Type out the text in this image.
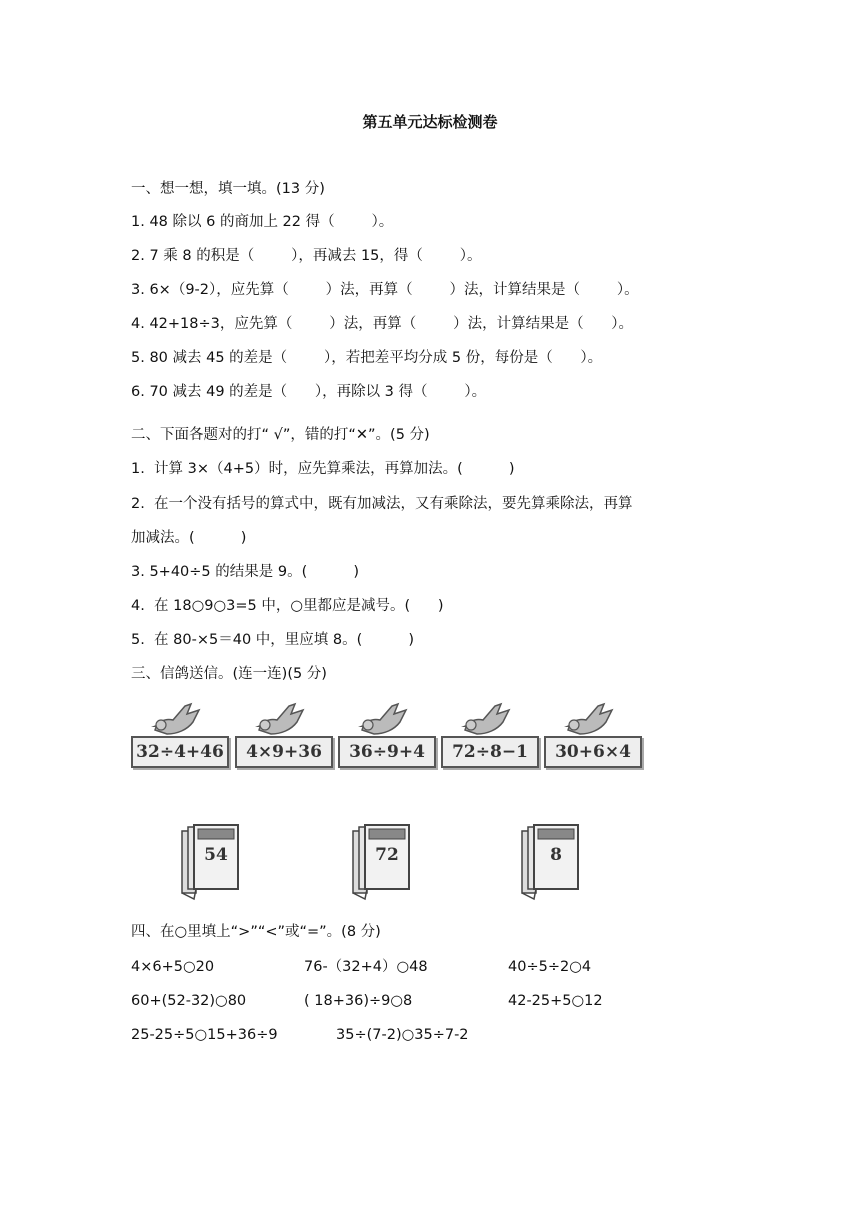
第五单元达标检测卷
一、想一想，填一填。(13 分)
1. 48 除以 6 的商加上 22 得（        ）。
2. 7 乘 8 的积是（        ），再减去 15，得（        ）。
3. 6×（9-2），应先算（        ）法，再算（        ）法，计算结果是（        ）。
4. 42+18÷3，应先算（        ）法，再算（        ）法，计算结果是（      ）。
5. 80 减去 45 的差是（        ），若把差平均分成 5 份，每份是（      ）。
6. 70 减去 49 的差是（      ），再除以 3 得（        ）。
二、下面各题对的打“ √”，错的打“✕”。(5 分)
1.  计算 3×（4+5）时，应先算乘法，再算加法。(          )
2.  在一个没有括号的算式中，既有加减法，又有乘除法，要先算乘除法，再算
加减法。(          )
3. 5+40÷5 的结果是 9。(          )
4.  在 18○9○3=5 中，○里都应是减号。(      )
5.  在 80-×5＝40 中，里应填 8。(          )
三、信鸽送信。(连一连)(5 分)
32÷4+46	4×9+36	36÷9+4	72÷8−1	30+6×4
54	72	8
四、在○里填上“>”“<”或“=”。(8 分)
4×6+5○20	76-（32+4）○48	40÷5÷2○4
60+(52-32)○80	( 18+36)÷9○8	42-25+5○12
25-25÷5○15+36÷9	35÷(7-2)○35÷7-2
